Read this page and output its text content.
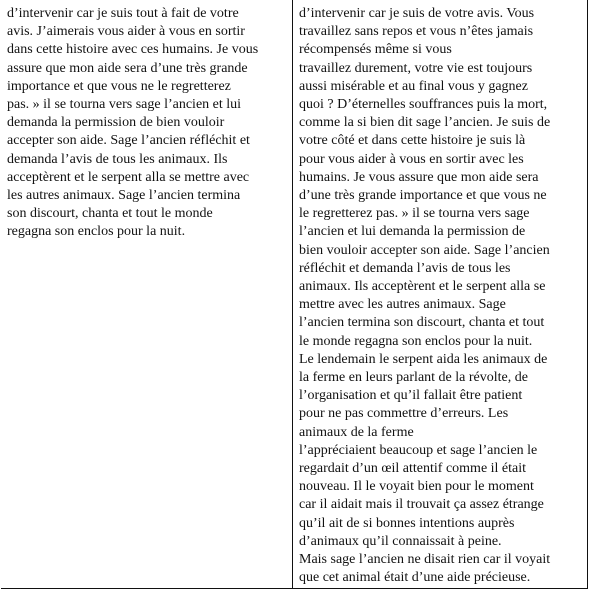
d’intervenir car je suis tout à fait de votre
avis. J’aimerais vous aider à vous en sortir
dans cette histoire avec ces humains. Je vous
assure que mon aide sera d’une très grande
importance et que vous ne le regretterez
pas. » il se tourna vers sage l’ancien et lui
demanda la permission de bien vouloir
accepter son aide. Sage l’ancien réfléchit et
demanda l’avis de tous les animaux. Ils
acceptèrent et le serpent alla se mettre avec
les autres animaux. Sage l’ancien termina
son discourt, chanta et tout le monde
regagna son enclos pour la nuit.

d’intervenir car je suis de votre avis. Vous
travaillez sans repos et vous n’êtes jamais
récompensés même si vous
travaillez durement, votre vie est toujours
aussi misérable et au final vous y gagnez
quoi ? D’éternelles souffrances puis la mort,
comme la si bien dit sage l’ancien. Je suis de
votre côté et dans cette histoire je suis là
pour vous aider à vous en sortir avec les
humains. Je vous assure que mon aide sera
d’une très grande importance et que vous ne
le regretterez pas. » il se tourna vers sage
l’ancien et lui demanda la permission de
bien vouloir accepter son aide. Sage l’ancien
réfléchit et demanda l’avis de tous les
animaux. Ils acceptèrent et le serpent alla se
mettre avec les autres animaux. Sage
l’ancien termina son discourt, chanta et tout
le monde regagna son enclos pour la nuit.
Le lendemain le serpent aida les animaux de
la ferme en leurs parlant de la révolte, de
l’organisation et qu’il fallait être patient
pour ne pas commettre d’erreurs. Les
animaux de la ferme
l’appréciaient beaucoup et sage l’ancien le
regardait d’un œil attentif comme il était
nouveau. Il le voyait bien pour le moment
car il aidait mais il trouvait ça assez étrange
qu’il ait de si bonnes intentions auprès
d’animaux qu’il connaissait à peine.
Mais sage l’ancien ne disait rien car il voyait
que cet animal était d’une aide précieuse.
